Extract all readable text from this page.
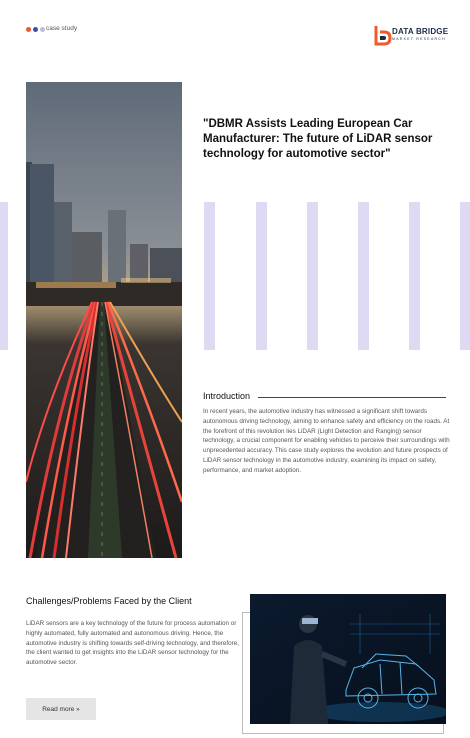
case study	DATA BRIDGE
MARKET RESEARCH
"DBMR Assists Leading European Car Manufacturer: The future of LiDAR sensor technology for automotive sector"
Introduction
In recent years, the automotive industry has witnessed a significant shift towards autonomous driving technology, aiming to enhance safety and efficiency on the roads. At the forefront of this revolution lies LiDAR (Light Detection and Ranging) sensor technology, a crucial component for enabling vehicles to perceive their surroundings with unprecedented accuracy. This case study explores the evolution and future prospects of LiDAR sensor technology in the automotive industry, examining its impact on safety, performance, and market adoption.
Challenges/Problems Faced by the Client
LiDAR sensors are a key technology of the future for process automation or highly automated, fully automated and autonomous driving. Hence, the automotive industry is shifting towards self-driving technology, and therefore, the client wanted to get insights into the LiDAR sensor technology for the automotive sector.
Read more »
